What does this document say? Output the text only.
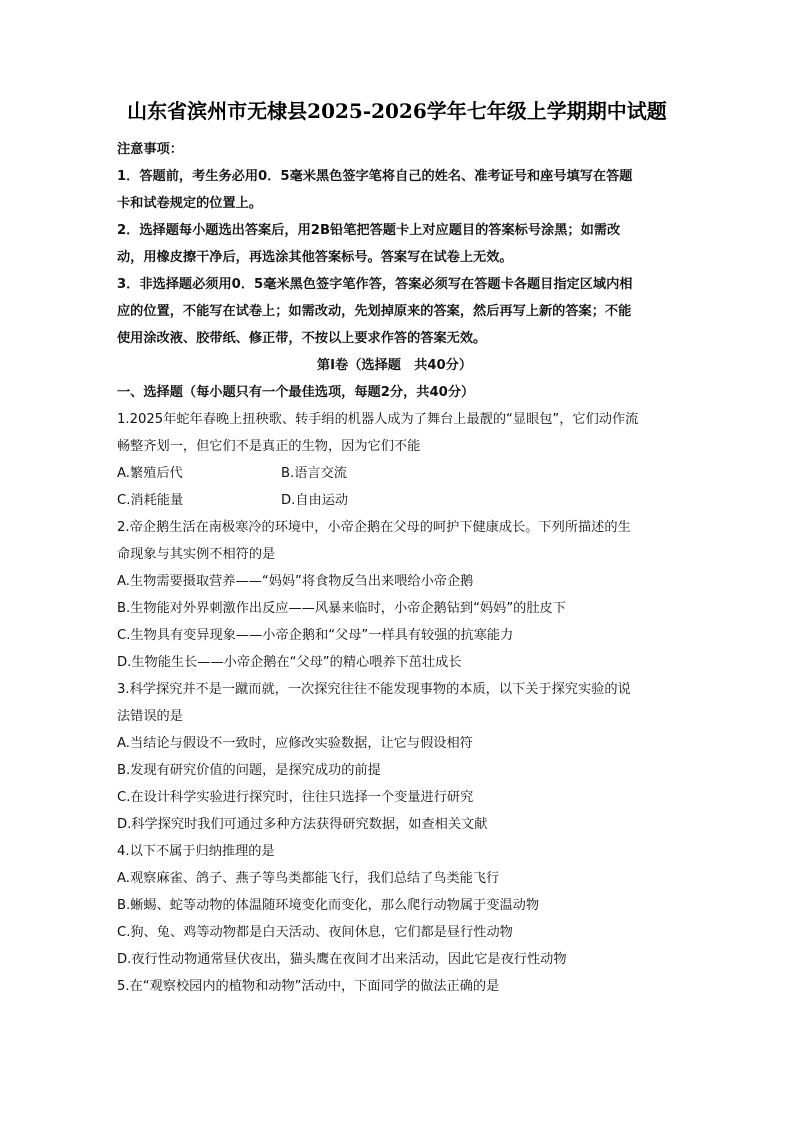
山东省滨州市无棣县2025-2026学年七年级上学期期中试题
注意事项：
1．答题前，考生务必用0．5毫米黑色签字笔将自己的姓名、准考证号和座号填写在答题
卡和试卷规定的位置上。
2．选择题每小题选出答案后，用2B铅笔把答题卡上对应题目的答案标号涂黑；如需改
动，用橡皮擦干净后，再选涂其他答案标号。答案写在试卷上无效。
3．非选择题必须用0．5毫米黑色签字笔作答，答案必须写在答题卡各题目指定区域内相
应的位置，不能写在试卷上；如需改动，先划掉原来的答案，然后再写上新的答案；不能
使用涂改液、胶带纸、修正带，不按以上要求作答的答案无效。
第Ⅰ卷（选择题　共40分）
一、选择题（每小题只有一个最佳选项，每题2分，共40分）
1.2025年蛇年春晚上扭秧歌、转手绢的机器人成为了舞台上最靓的“显眼包”，它们动作流
畅整齐划一，但它们不是真正的生物，因为它们不能
A.繁殖后代	B.语言交流
C.消耗能量	D.自由运动
2.帝企鹅生活在南极寒冷的环境中，小帝企鹅在父母的呵护下健康成长。下列所描述的生
命现象与其实例不相符的是
A.生物需要摄取营养——“妈妈”将食物反刍出来喂给小帝企鹅
B.生物能对外界刺激作出反应——风暴来临时，小帝企鹅钻到“妈妈”的肚皮下
C.生物具有变异现象——小帝企鹅和“父母”一样具有较强的抗寒能力
D.生物能生长——小帝企鹅在“父母”的精心喂养下茁壮成长
3.科学探究并不是一蹴而就，一次探究往往不能发现事物的本质，以下关于探究实验的说
法错误的是
A.当结论与假设不一致时，应修改实验数据，让它与假设相符
B.发现有研究价值的问题，是探究成功的前提
C.在设计科学实验进行探究时，往往只选择一个变量进行研究
D.科学探究时我们可通过多种方法获得研究数据，如查相关文献
4.以下不属于归纳推理的是
A.观察麻雀、鸽子、燕子等鸟类都能飞行，我们总结了鸟类能飞行
B.蜥蜴、蛇等动物的体温随环境变化而变化，那么爬行动物属于变温动物
C.狗、兔、鸡等动物都是白天活动、夜间休息，它们都是昼行性动物
D.夜行性动物通常昼伏夜出，猫头鹰在夜间才出来活动，因此它是夜行性动物
5.在“观察校园内的植物和动物”活动中，下面同学的做法正确的是
